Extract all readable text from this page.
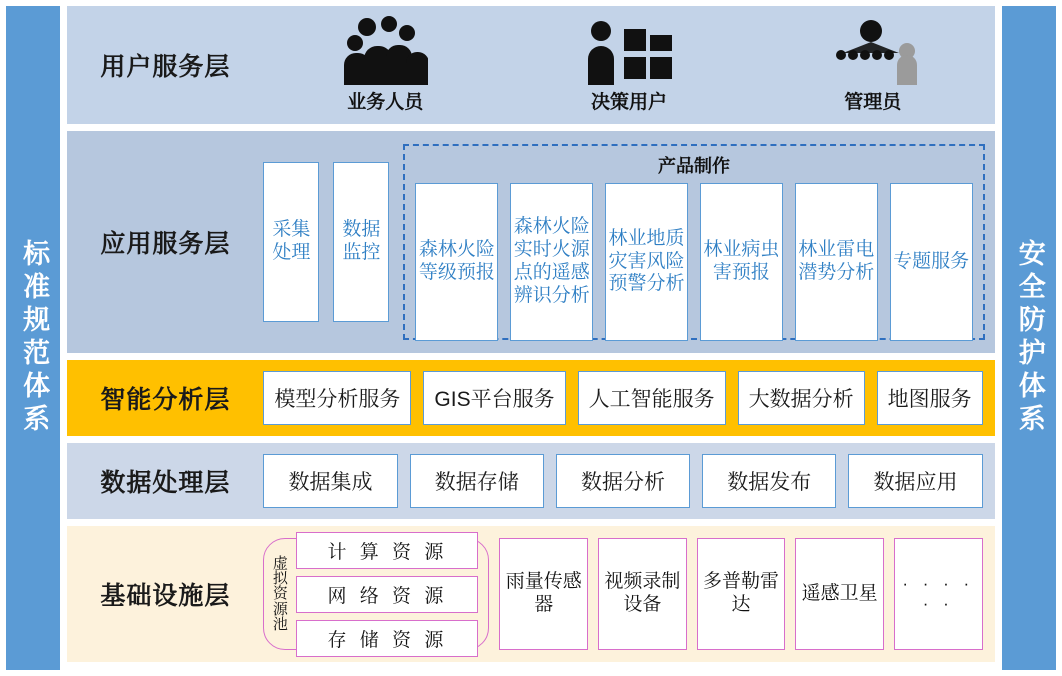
标准规范体系
用户服务层
业务人员	决策用户	管理员
应用服务层
采集处理
数据监控
产品制作
森林火险等级预报
森林火险实时火源点的遥感辨识分析
林业地质灾害风险预警分析
林业病虫害预报
林业雷电潜势分析
专题服务
智能分析层	模型分析服务	GIS平台服务	人工智能服务	大数据分析	地图服务
数据处理层	数据集成	数据存储	数据分析	数据发布	数据应用
基础设施层
虚拟资源池
计 算 资 源
网 络 资 源
存 储 资 源
雨量传感器
视频录制设备
多普勒雷达
遥感卫星	· · · · · ·
安全防护体系
